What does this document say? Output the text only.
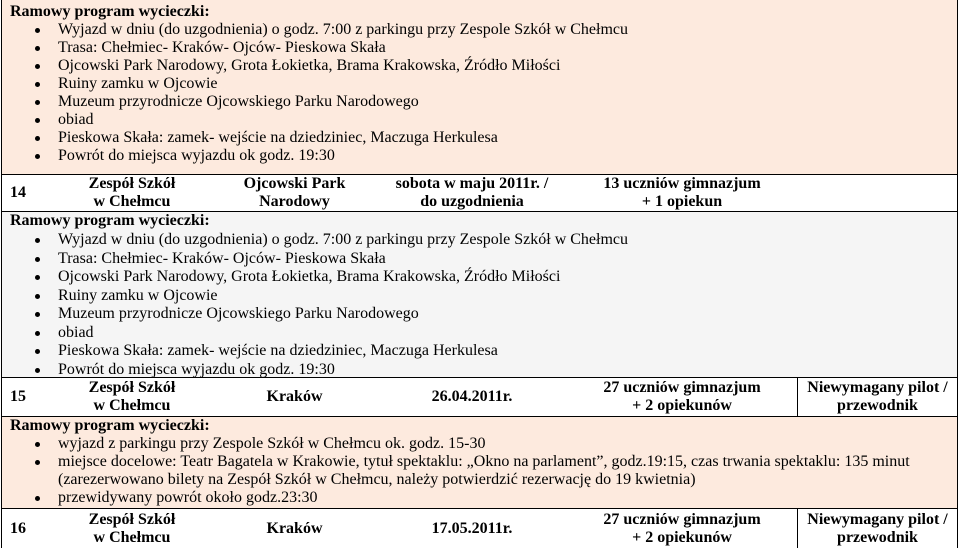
Ramowy program wycieczki:
Wyjazd w dniu (do uzgodnienia) o godz. 7:00 z parkingu przy Zespole Szkół w Chełmcu
Trasa: Chełmiec- Kraków- Ojców- Pieskowa Skała
Ojcowski Park Narodowy, Grota Łokietka, Brama Krakowska, Źródło Miłości
Ruiny zamku w Ojcowie
Muzeum przyrodnicze Ojcowskiego Parku Narodowego
obiad
Pieskowa Skała: zamek- wejście na dziedziniec, Maczuga Herkulesa
Powrót do miejsca wyjazdu ok godz. 19:30
14
Zespół Szkół
w Chełmcu
Ojcowski Park
Narodowy
sobota w maju 2011r. /
do uzgodnienia
13 uczniów gimnazjum
+ 1 opiekun
Ramowy program wycieczki:
Wyjazd w dniu (do uzgodnienia) o godz. 7:00 z parkingu przy Zespole Szkół w Chełmcu
Trasa: Chełmiec- Kraków- Ojców- Pieskowa Skała
Ojcowski Park Narodowy, Grota Łokietka, Brama Krakowska, Źródło Miłości
Ruiny zamku w Ojcowie
Muzeum przyrodnicze Ojcowskiego Parku Narodowego
obiad
Pieskowa Skała: zamek- wejście na dziedziniec, Maczuga Herkulesa
Powrót do miejsca wyjazdu ok godz. 19:30
15
Zespół Szkół
w Chełmcu
Kraków	26.04.2011r.
27 uczniów gimnazjum
+ 2 opiekunów
Niewymagany pilot /
przewodnik
Ramowy program wycieczki:
wyjazd z parkingu przy Zespole Szkół w Chełmcu ok. godz. 15-30
miejsce docelowe: Teatr Bagatela w Krakowie, tytuł spektaklu: „Okno na parlament”, godz.19:15, czas trwania spektaklu: 135 minut (zarezerwowano bilety na Zespół Szkół w Chełmcu, należy potwierdzić rezerwację do 19 kwietnia)
przewidywany powrót około godz.23:30
16
Zespół Szkół
w Chełmcu
Kraków	17.05.2011r.
27 uczniów gimnazjum
+ 2 opiekunów
Niewymagany pilot /
przewodnik
